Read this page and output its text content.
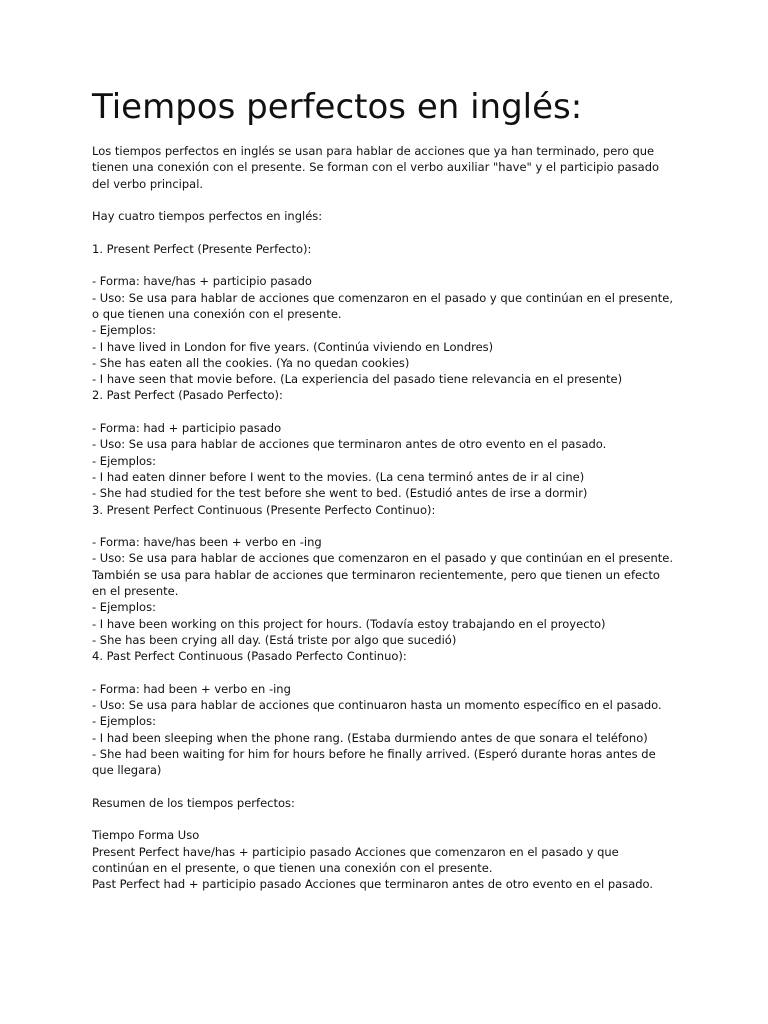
Tiempos perfectos en inglés:
Los tiempos perfectos en inglés se usan para hablar de acciones que ya han terminado, pero que
tienen una conexión con el presente. Se forman con el verbo auxiliar "have" y el participio pasado
del verbo principal.
Hay cuatro tiempos perfectos en inglés:
1. Present Perfect (Presente Perfecto):
- Forma: have/has + participio pasado
- Uso: Se usa para hablar de acciones que comenzaron en el pasado y que continúan en el presente,
o que tienen una conexión con el presente.
- Ejemplos:
- I have lived in London for five years. (Continúa viviendo en Londres)
- She has eaten all the cookies. (Ya no quedan cookies)
- I have seen that movie before. (La experiencia del pasado tiene relevancia en el presente)
2. Past Perfect (Pasado Perfecto):
- Forma: had + participio pasado
- Uso: Se usa para hablar de acciones que terminaron antes de otro evento en el pasado.
- Ejemplos:
- I had eaten dinner before I went to the movies. (La cena terminó antes de ir al cine)
- She had studied for the test before she went to bed. (Estudió antes de irse a dormir)
3. Present Perfect Continuous (Presente Perfecto Continuo):
- Forma: have/has been + verbo en -ing
- Uso: Se usa para hablar de acciones que comenzaron en el pasado y que continúan en el presente.
También se usa para hablar de acciones que terminaron recientemente, pero que tienen un efecto
en el presente.
- Ejemplos:
- I have been working on this project for hours. (Todavía estoy trabajando en el proyecto)
- She has been crying all day. (Está triste por algo que sucedió)
4. Past Perfect Continuous (Pasado Perfecto Continuo):
- Forma: had been + verbo en -ing
- Uso: Se usa para hablar de acciones que continuaron hasta un momento específico en el pasado.
- Ejemplos:
- I had been sleeping when the phone rang. (Estaba durmiendo antes de que sonara el teléfono)
- She had been waiting for him for hours before he finally arrived. (Esperó durante horas antes de
que llegara)
Resumen de los tiempos perfectos:
Tiempo Forma Uso
Present Perfect have/has + participio pasado Acciones que comenzaron en el pasado y que
continúan en el presente, o que tienen una conexión con el presente.
Past Perfect had + participio pasado Acciones que terminaron antes de otro evento en el pasado.
